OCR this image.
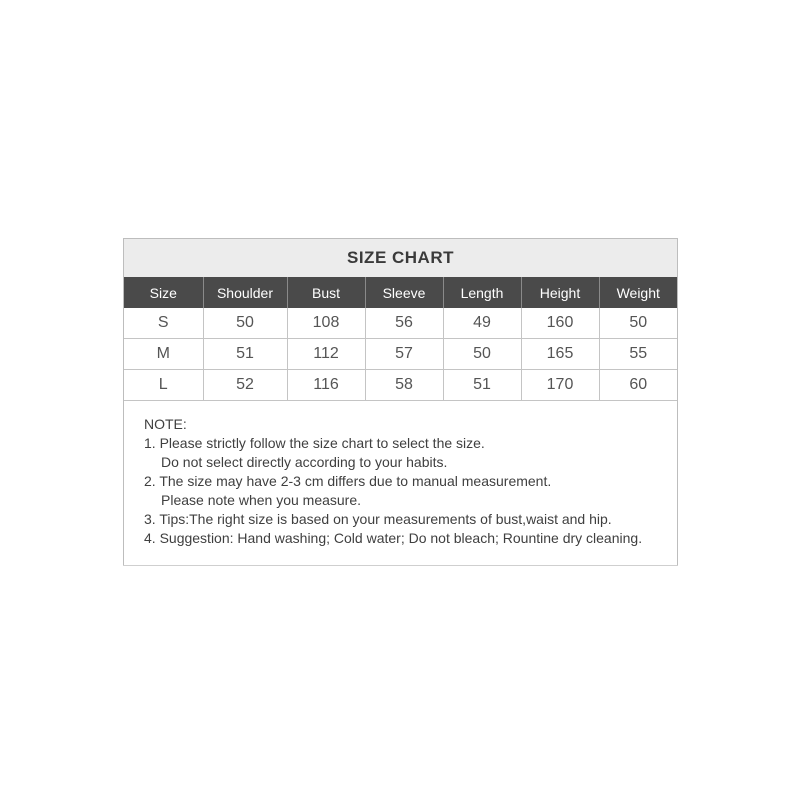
SIZE CHART
Size	Shoulder	Bust	Sleeve	Length	Height	Weight
S	50	108	56	49	160	50
M	51	112	57	50	165	55
L	52	116	58	51	170	60
NOTE:
1. Please strictly follow the size chart to select the size.
Do not select directly according to your habits.
2. The size may have 2-3 cm differs due to manual measurement.
Please note when you measure.
3. Tips:The right size is based on your measurements of bust,waist and hip.
4. Suggestion: Hand washing; Cold water; Do not bleach; Rountine dry cleaning.
